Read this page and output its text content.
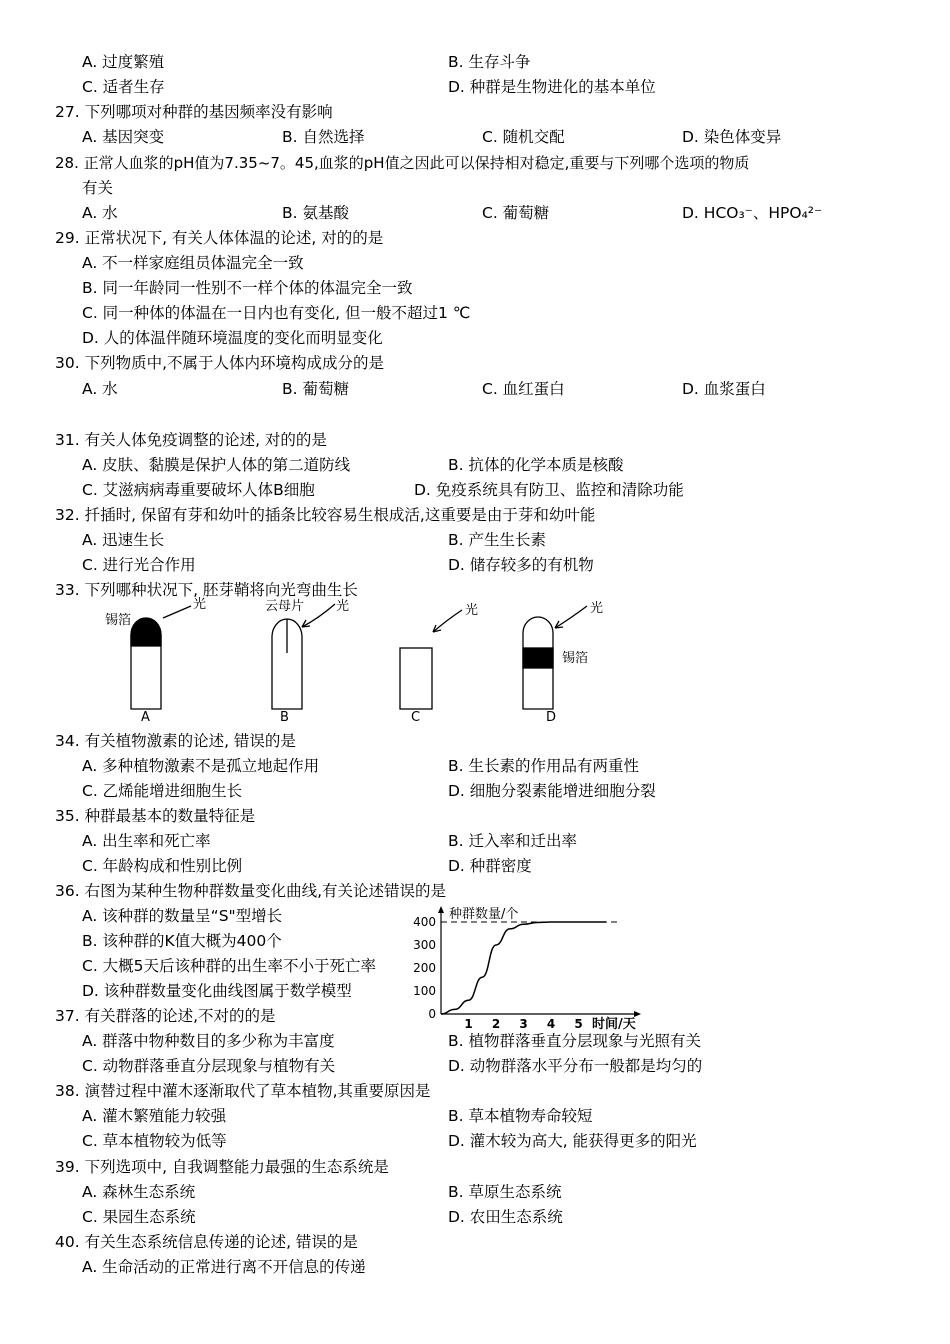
A. 过度繁殖	B. 生存斗争
C. 适者生存	D. 种群是生物进化的基本单位
27. 下列哪项对种群的基因频率没有影响
A. 基因突变	B. 自然选择	C. 随机交配	D. 染色体变异
28. 正常人血浆的pH值为7.35~7。45,血浆的pH值之因此可以保持相对稳定,重要与下列哪个选项的物质
有关
A. 水	B. 氨基酸	C. 葡萄糖	D. HCO₃⁻、HPO₄²⁻
29. 正常状况下, 有关人体体温的论述, 对的的是
A. 不一样家庭组员体温完全一致
B. 同一年龄同一性别不一样个体的体温完全一致
C. 同一种体的体温在一日内也有变化, 但一般不超过1 ℃
D. 人的体温伴随环境温度的变化而明显变化
30. 下列物质中,不属于人体内环境构成成分的是
A. 水	B. 葡萄糖	C. 血红蛋白	D. 血浆蛋白
31. 有关人体免疫调整的论述, 对的的是
A. 皮肤、黏膜是保护人体的第二道防线	B. 抗体的化学本质是核酸
C. 艾滋病病毒重要破坏人体B细胞	D. 免疫系统具有防卫、监控和清除功能
32. 扦插时, 保留有芽和幼叶的插条比较容易生根成活,这重要是由于芽和幼叶能
A. 迅速生长	B. 产生生长素
C. 进行光合作用	D. 储存较多的有机物
33. 下列哪种状况下, 胚芽鞘将向光弯曲生长
锡箔
光	云母片 光	光	光
锡箔
A	B	C	D
34. 有关植物激素的论述, 错误的是
A. 多种植物激素不是孤立地起作用	B. 生长素的作用品有两重性
C. 乙烯能增进细胞生长	D. 细胞分裂素能增进细胞分裂
35. 种群最基本的数量特征是
A. 出生率和死亡率	B. 迁入率和迁出率
C. 年龄构成和性别比例	D. 种群密度
36. 右图为某种生物种群数量变化曲线,有关论述错误的是
A. 该种群的数量呈“S"型增长
B. 该种群的K值大概为400个
C. 大概5天后该种群的出生率不小于死亡率
D. 该种群数量变化曲线图属于数学模型
0
100
200
300
400
1 2 3 4 5
种群数量/个
时间/天
37. 有关群落的论述,不对的的是
A. 群落中物种数目的多少称为丰富度	B. 植物群落垂直分层现象与光照有关
C. 动物群落垂直分层现象与植物有关	D. 动物群落水平分布一般都是均匀的
38. 演替过程中灌木逐渐取代了草本植物,其重要原因是
A. 灌木繁殖能力较强	B. 草本植物寿命较短
C. 草本植物较为低等	D. 灌木较为高大, 能获得更多的阳光
39. 下列选项中, 自我调整能力最强的生态系统是
A. 森林生态系统	B. 草原生态系统
C. 果园生态系统	D. 农田生态系统
40. 有关生态系统信息传递的论述, 错误的是
A. 生命活动的正常进行离不开信息的传递
